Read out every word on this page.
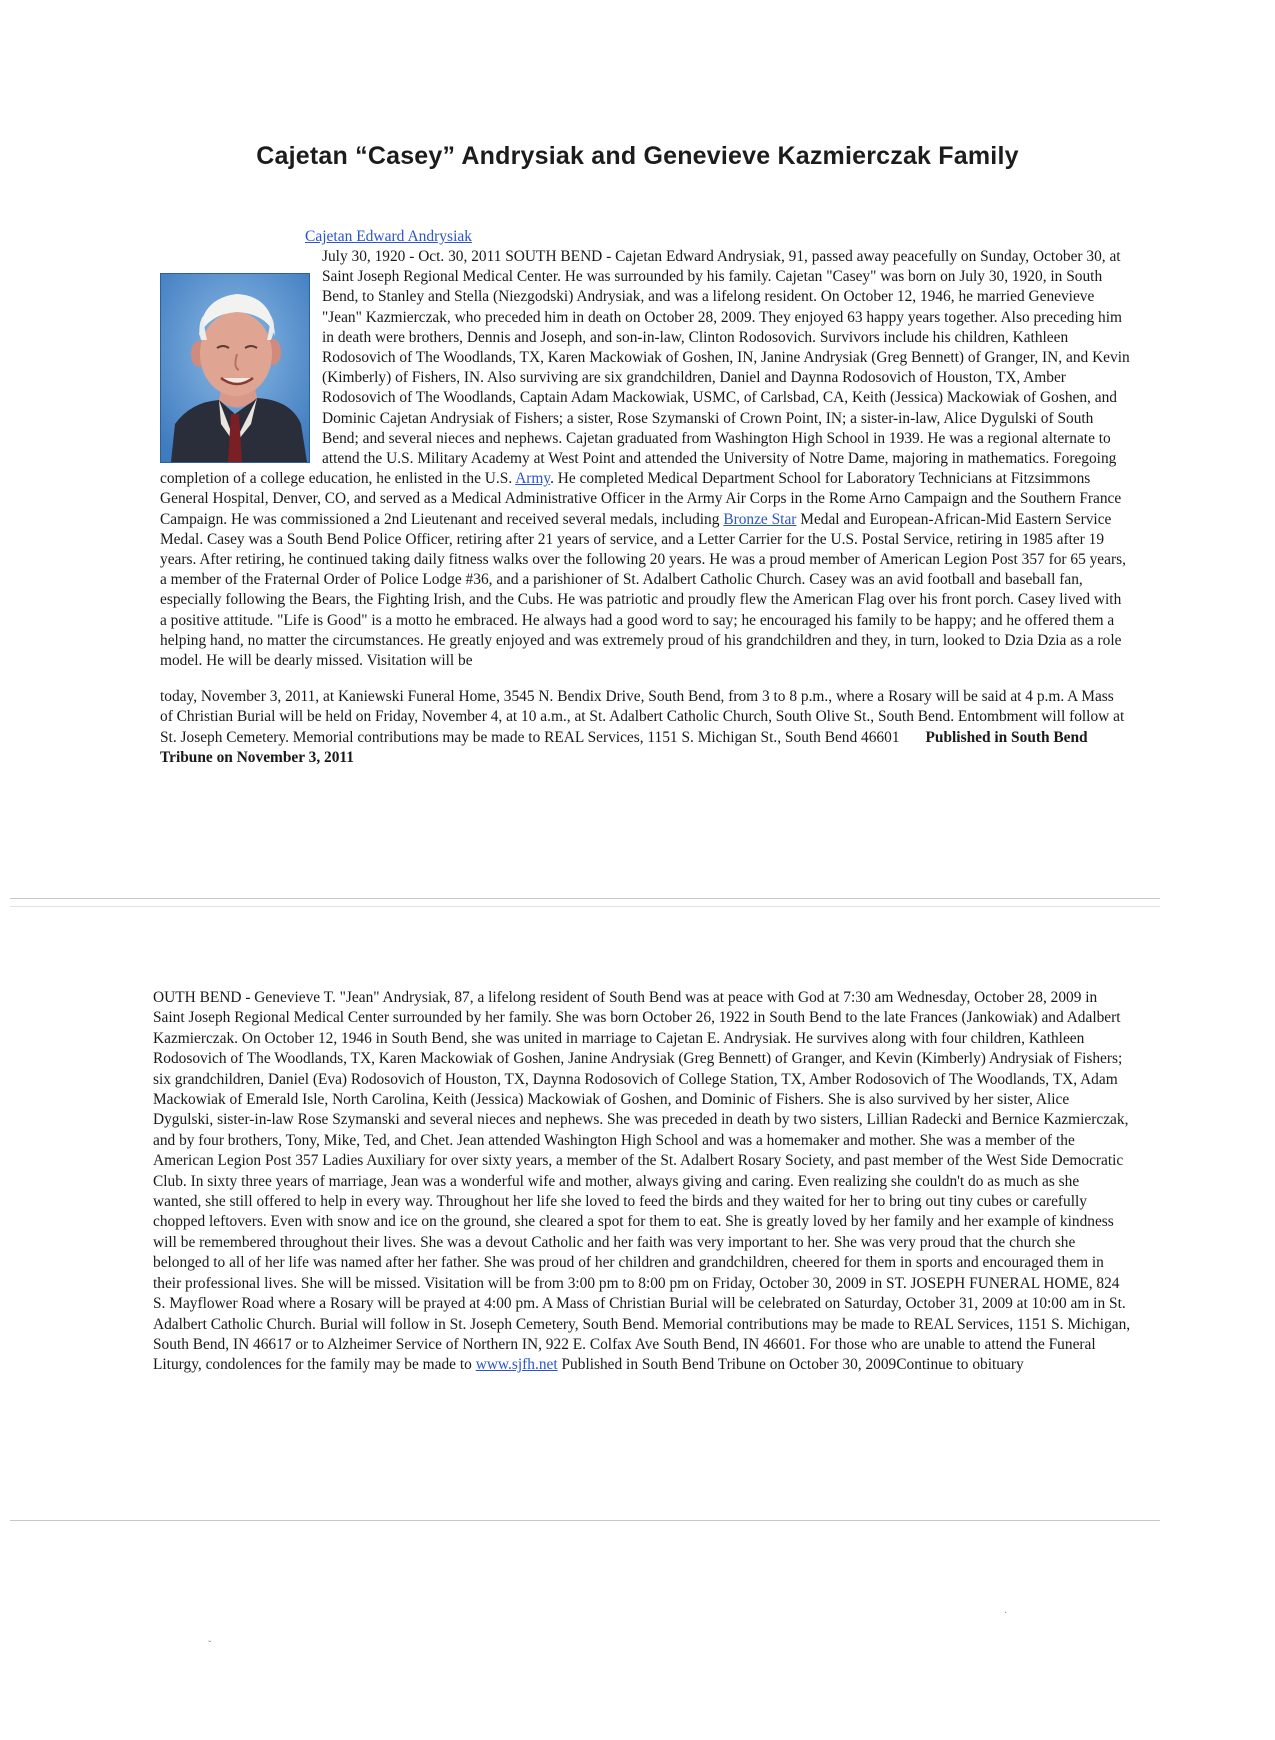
Cajetan “Casey” Andrysiak and Genevieve Kazmierczak Family
Cajetan Edward Andrysiak

July 30, 1920 - Oct. 30, 2011 SOUTH BEND - Cajetan Edward Andrysiak, 91, passed away peacefully on Sunday, October 30, at Saint Joseph Regional Medical Center. He was surrounded by his family. Cajetan "Casey" was born on July 30, 1920, in South Bend, to Stanley and Stella (Niezgodski) Andrysiak, and was a lifelong resident. On October 12, 1946, he married Genevieve "Jean" Kazmierczak, who preceded him in death on October 28, 2009. They enjoyed 63 happy years together. Also preceding him in death were brothers, Dennis and Joseph, and son-in-law, Clinton Rodosovich. Survivors include his children, Kathleen Rodosovich of The Woodlands, TX, Karen Mackowiak of Goshen, IN, Janine Andrysiak (Greg Bennett) of Granger, IN, and Kevin (Kimberly) of Fishers, IN. Also surviving are six grandchildren, Daniel and Daynna Rodosovich of Houston, TX, Amber Rodosovich of The Woodlands, Captain Adam Mackowiak, USMC, of Carlsbad, CA, Keith (Jessica) Mackowiak of Goshen, and Dominic Cajetan Andrysiak of Fishers; a sister, Rose Szymanski of Crown Point, IN; a sister-in-law, Alice Dygulski of South Bend; and several nieces and nephews. Cajetan graduated from Washington High School in 1939. He was a regional alternate to attend the U.S. Military Academy at West Point and attended the University of Notre Dame, majoring in mathematics. Foregoing completion of a college education, he enlisted in the U.S. Army. He completed Medical Department School for Laboratory Technicians at Fitzsimmons General Hospital, Denver, CO, and served as a Medical Administrative Officer in the Army Air Corps in the Rome Arno Campaign and the Southern France Campaign. He was commissioned a 2nd Lieutenant and received several medals, including Bronze Star Medal and European-African-Mid Eastern Service Medal. Casey was a South Bend Police Officer, retiring after 21 years of service, and a Letter Carrier for the U.S. Postal Service, retiring in 1985 after 19 years. After retiring, he continued taking daily fitness walks over the following 20 years. He was a proud member of American Legion Post 357 for 65 years, a member of the Fraternal Order of Police Lodge #36, and a parishioner of St. Adalbert Catholic Church. Casey was an avid football and baseball fan, especially following the Bears, the Fighting Irish, and the Cubs. He was patriotic and proudly flew the American Flag over his front porch. Casey lived with a positive attitude. "Life is Good" is a motto he embraced. He always had a good word to say; he encouraged his family to be happy; and he offered them a helping hand, no matter the circumstances. He greatly enjoyed and was extremely proud of his grandchildren and they, in turn, looked to Dzia Dzia as a role model. He will be dearly missed. Visitation will be

today, November 3, 2011, at Kaniewski Funeral Home, 3545 N. Bendix Drive, South Bend, from 3 to 8 p.m., where a Rosary will be said at 4 p.m. A Mass of Christian Burial will be held on Friday, November 4, at 10 a.m., at St. Adalbert Catholic Church, South Olive St., South Bend. Entombment will follow at St. Joseph Cemetery. Memorial contributions may be made to REAL Services, 1151 S. Michigan St., South Bend 46601 Published in South Bend Tribune on November 3, 2011

OUTH BEND - Genevieve T. "Jean" Andrysiak, 87, a lifelong resident of South Bend was at peace with God at 7:30 am Wednesday, October 28, 2009 in Saint Joseph Regional Medical Center surrounded by her family. She was born October 26, 1922 in South Bend to the late Frances (Jankowiak) and Adalbert Kazmierczak. On October 12, 1946 in South Bend, she was united in marriage to Cajetan E. Andrysiak. He survives along with four children, Kathleen Rodosovich of The Woodlands, TX, Karen Mackowiak of Goshen, Janine Andrysiak (Greg Bennett) of Granger, and Kevin (Kimberly) Andrysiak of Fishers; six grandchildren, Daniel (Eva) Rodosovich of Houston, TX, Daynna Rodosovich of College Station, TX, Amber Rodosovich of The Woodlands, TX, Adam Mackowiak of Emerald Isle, North Carolina, Keith (Jessica) Mackowiak of Goshen, and Dominic of Fishers. She is also survived by her sister, Alice Dygulski, sister-in-law Rose Szymanski and several nieces and nephews. She was preceded in death by two sisters, Lillian Radecki and Bernice Kazmierczak, and by four brothers, Tony, Mike, Ted, and Chet. Jean attended Washington High School and was a homemaker and mother. She was a member of the American Legion Post 357 Ladies Auxiliary for over sixty years, a member of the St. Adalbert Rosary Society, and past member of the West Side Democratic Club. In sixty three years of marriage, Jean was a wonderful wife and mother, always giving and caring. Even realizing she couldn't do as much as she wanted, she still offered to help in every way. Throughout her life she loved to feed the birds and they waited for her to bring out tiny cubes or carefully chopped leftovers. Even with snow and ice on the ground, she cleared a spot for them to eat. She is greatly loved by her family and her example of kindness will be remembered throughout their lives. She was a devout Catholic and her faith was very important to her. She was very proud that the church she belonged to all of her life was named after her father. She was proud of her children and grandchildren, cheered for them in sports and encouraged them in their professional lives. She will be missed. Visitation will be from 3:00 pm to 8:00 pm on Friday, October 30, 2009 in ST. JOSEPH FUNERAL HOME, 824 S. Mayflower Road where a Rosary will be prayed at 4:00 pm. A Mass of Christian Burial will be celebrated on Saturday, October 31, 2009 at 10:00 am in St. Adalbert Catholic Church. Burial will follow in St. Joseph Cemetery, South Bend. Memorial contributions may be made to REAL Services, 1151 S. Michigan, South Bend, IN 46617 or to Alzheimer Service of Northern IN, 922 E. Colfax Ave South Bend, IN 46601. For those who are unable to attend the Funeral Liturgy, condolences for the family may be made to www.sjfh.net Published in South Bend Tribune on October 30, 2009Continue to obituary

ˇ
·
